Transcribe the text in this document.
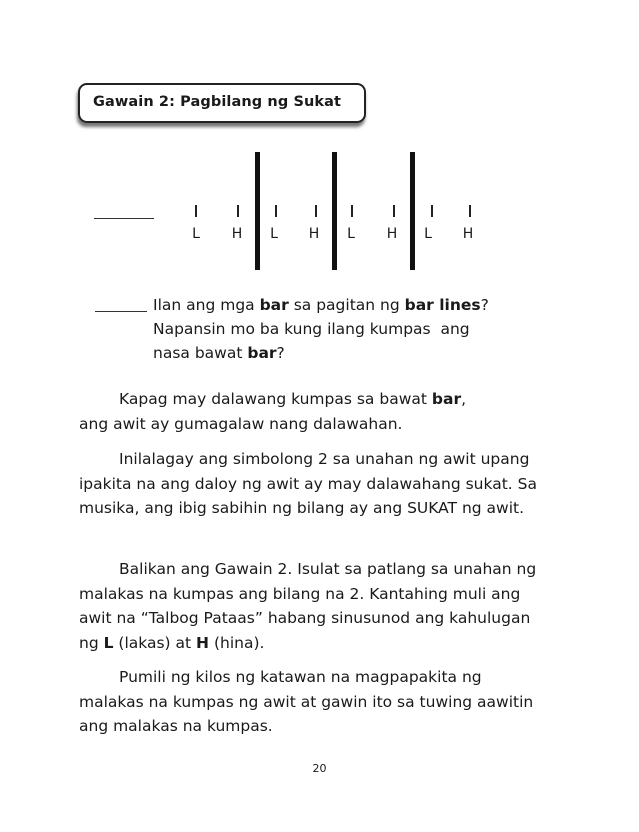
Gawain 2: Pagbilang ng Sukat
L H L H L H L H
Ilan ang mga bar sa pagitan ng bar lines?
Napansin mo ba kung ilang kumpas  ang
nasa bawat bar?

Kapag may dalawang kumpas sa bawat bar,
ang awit ay gumagalaw nang dalawahan.

Inilalagay ang simbolong 2 sa unahan ng awit upang ipakita na ang daloy ng awit ay may dalawahang sukat. Sa musika, ang ibig sabihin ng bilang ay ang SUKAT ng awit.

Balikan ang Gawain 2. Isulat sa patlang sa unahan ng malakas na kumpas ang bilang na 2. Kantahing muli ang awit na “Talbog Pataas” habang sinusunod ang kahulugan ng L (lakas) at H (hina).

Pumili ng kilos ng katawan na magpapakita ng malakas na kumpas ng awit at gawin ito sa tuwing aawitin ang malakas na kumpas.

20
